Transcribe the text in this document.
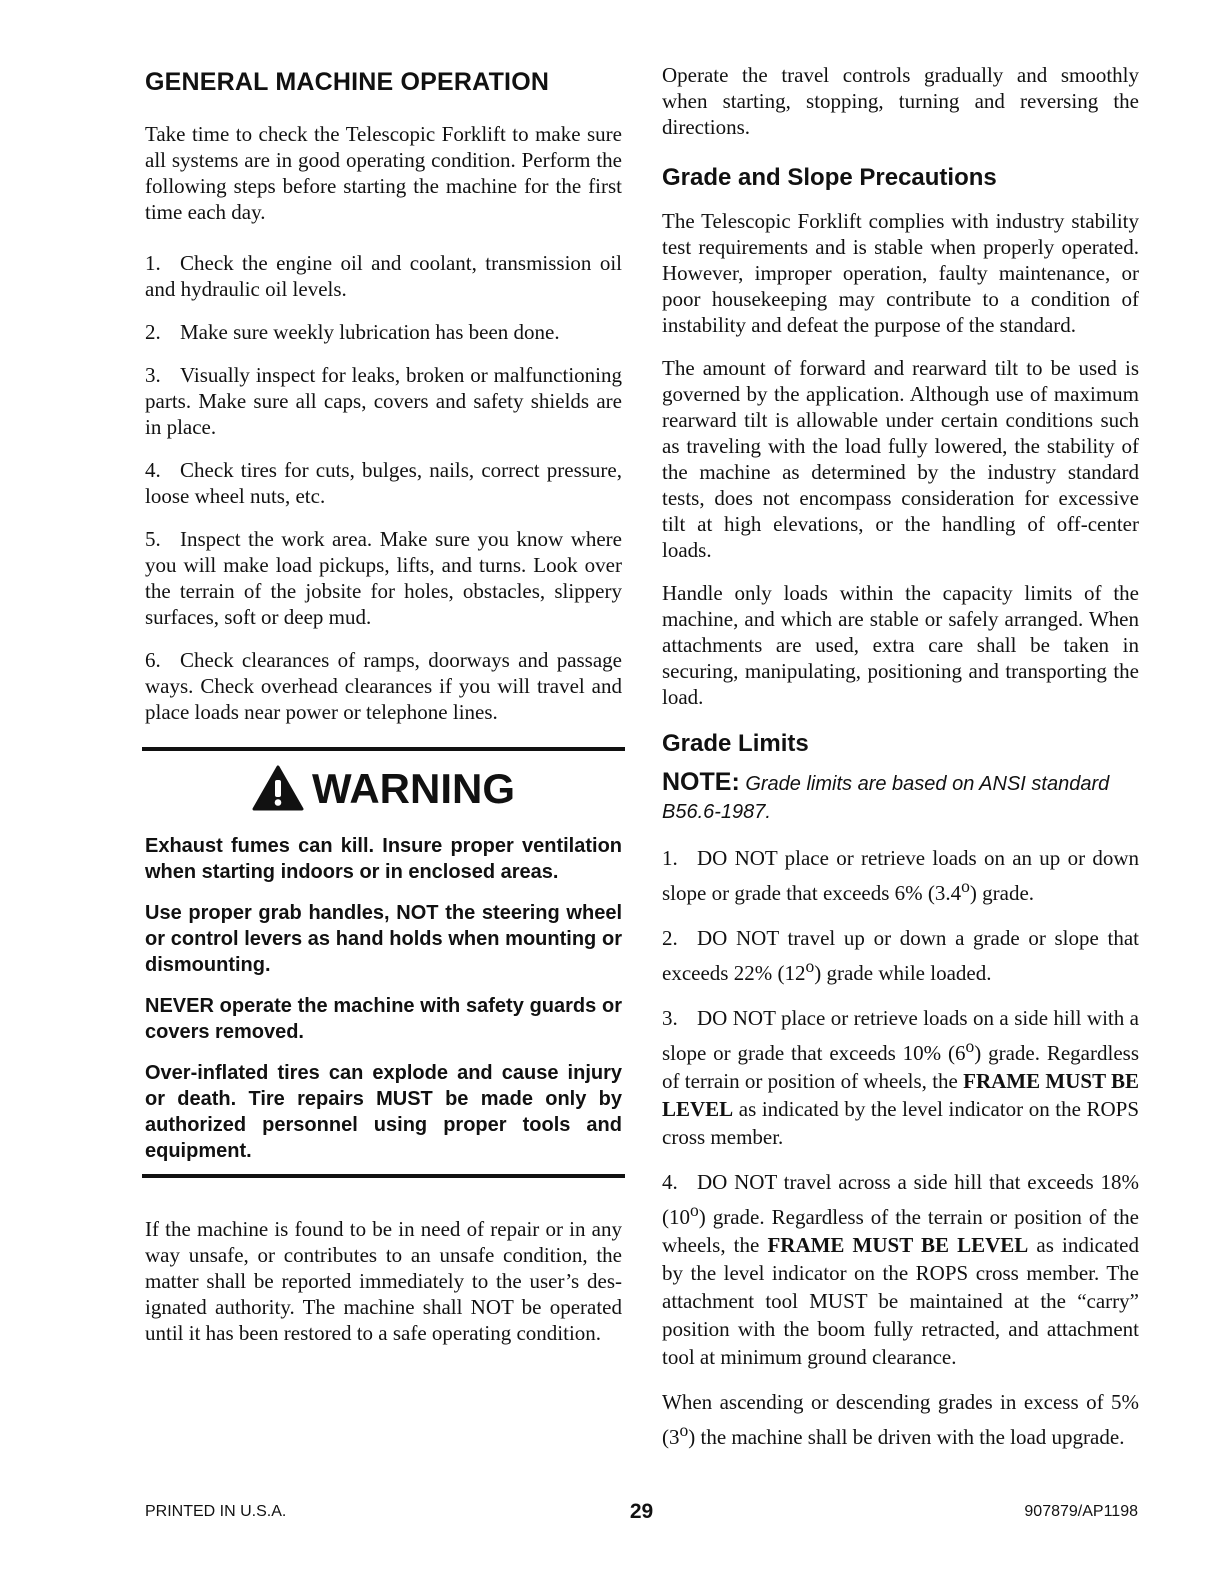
GENERAL MACHINE OPERATION

Take time to check the Telescopic Forklift to make sure all systems are in good operating condition. Perform the following steps before starting the machine for the first time each day.

1. Check the engine oil and coolant, transmission oil and hydraulic oil levels.

2. Make sure weekly lubrication has been done.

3. Visually inspect for leaks, broken or malfunctioning parts. Make sure all caps, covers and safety shields are in place.

4. Check tires for cuts, bulges, nails, correct pressure, loose wheel nuts, etc.

5. Inspect the work area. Make sure you know where you will make load pickups, lifts, and turns. Look over the terrain of the jobsite for holes, obstacles, slippery surfaces, soft or deep mud.

6. Check clearances of ramps, doorways and passage ways. Check overhead clearances if you will travel and place loads near power or telephone lines.

WARNING

Exhaust fumes can kill. Insure proper ventilation when starting indoors or in enclosed areas.

Use proper grab handles, NOT the steering wheel or control levers as hand holds when mounting or dismounting.

NEVER operate the machine with safety guards or covers removed.

Over-inflated tires can explode and cause injury or death. Tire repairs MUST be made only by authorized personnel using proper tools and equipment.

If the machine is found to be in need of repair or in any way unsafe, or contributes to an unsafe condition, the matter shall be reported immediately to the user’s designated authority. The machine shall NOT be operated until it has been restored to a safe operating condition.

Operate the travel controls gradually and smoothly when starting, stopping, turning and reversing the directions.

Grade and Slope Precautions

The Telescopic Forklift complies with industry stability test requirements and is stable when properly operated. However, improper operation, faulty maintenance, or poor housekeeping may contribute to a condition of instability and defeat the purpose of the standard.

The amount of forward and rearward tilt to be used is governed by the application. Although use of maximum rearward tilt is allowable under certain conditions such as traveling with the load fully lowered, the stability of the machine as determined by the industry standard tests, does not encompass consideration for excessive tilt at high elevations, or the handling of off-center loads.

Handle only loads within the capacity limits of the machine, and which are stable or safely arranged. When attachments are used, extra care shall be taken in securing, manipulating, positioning and transporting the load.

Grade Limits

NOTE: Grade limits are based on ANSI standard B56.6-1987.

1. DO NOT place or retrieve loads on an up or down slope or grade that exceeds 6% (3.4$^o$) grade.

2. DO NOT travel up or down a grade or slope that exceeds 22% (12$^o$) grade while loaded.

3. DO NOT place or retrieve loads on a side hill with a slope or grade that exceeds 10% (6$^o$) grade. Regardless of terrain or position of wheels, the FRAME MUST BE LEVEL as indicated by the level indicator on the ROPS cross member.

4. DO NOT travel across a side hill that exceeds 18% (10$^o$) grade. Regardless of the terrain or position of the wheels, the FRAME MUST BE LEVEL as indicated by the level indicator on the ROPS cross member. The attachment tool MUST be maintained at the “carry” position with the boom fully retracted, and attachment tool at minimum ground clearance.

When ascending or descending grades in excess of 5% (3$^o$) the machine shall be driven with the load upgrade.

PRINTED IN U.S.A.	29	907879/AP1198
